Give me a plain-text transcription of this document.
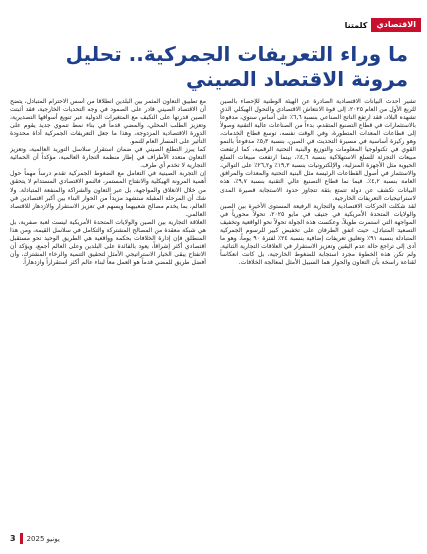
الاقتصادي
كلمتنا
ما وراء التعريفات الجمركية.. تحليل مرونة الاقتصاد الصيني

تشير أحدث البيانات الاقتصادية الصادرة عن الهيئة الوطنية للإحصاء بالصين للربع الأول من العام ٢٠٢٥، إلى قوة الانتعاش الاقتصادي والتحول الهيكلي الذي تشهده البلاد، فقد ارتفع الناتج الصناعي بنسبة ٦,٦٪ على أساس سنوي، مدفوعاً بالاستثمارات في قطاع التصنيع المتقدم، بدءاً من الصناعات عالية التقنية وصولاً إلى قطاعات المعدات المتطورة، وفي الوقت نفسه، توسع قطاع الخدمات، وهو ركيزة أساسية في مسيرة التحديث في الصين، بنسبة ٥٫٣٪ مدفوعاً بالنمو القوي في تكنولوجيا المعلومات والتوزيع والبنية التحتية الرقمية، كما ارتفعت مبيعات التجزئة للسلع الاستهلاكية بنسبة ٤,٦٪، بينما ارتفعت مبيعات السلع الحيوية مثل الأجهزة المنزلية، والإلكترونيات بنسبة ١٩,٣٪ و٢٦,٢٪ على التوالي، والاستثمار في أصول القطاعات الرئيسة مثل البنية التحتية والمعدات والمرافق العامة بنسبة ٤,٢٪. فيما نما قطاع التصنيع عالي التقنية بنسبة ٩,٧٪، هذه البيانات تكشف عن دولة تتمتع بثقة تتجاوز حدود الاستجابة قصيرة المدى لاستراتيجيات التعريفات الخارجية.

لقد شكلت الحركات الاقتصادية والتجارية الرفيعة المستوى الأخيرة بين الصين والولايات المتحدة الأمريكية في جنيف في مايو ٢٠٢٥، تحولاً محورياً في المواجهة التي استمرت طويلاً، وعكست هذه الجولة تحولاً نحو الواقعية وتخفيف التصعيد المتبادل، حيث اتفق الطرفان على تخفيض كبير للرسوم الجمركية المتبادلة بنسبة ٩١٪ وتعليق تعريفات إضافية بنسبة ٢٤٪ لفترة ٩٠ يوماً، وهو ما أدى إلى تراجع حالة عدم اليقين وتعزيز الاستقرار في العلاقات التجارية الثنائية. ولم تكن هذه الخطوة مجرد استجابة للضغوط الخارجية، بل كانت انعكاساً لقناعة راسخة بأن التعاون والحوار هما السبيل الأمثل لمعالجة الخلافات.

مع تطبيق التعاون المثمر بين البلدين انطلاقاً من أسس الاحترام المتبادل، يتضح أن الاقتصاد الصيني قادر على الصمود في وجه التحديات الخارجية، فقد أثبتت الصين قدرتها على التكيف مع المتغيرات الدولية عبر تنويع أسواقها التصديرية، وتعزيز الطلب المحلي، والمضي قدماً في بناء نمط تنموي جديد يقوم على الدورة الاقتصادية المزدوجة، وهذا ما جعل التعريفات الجمركية أداة محدودة التأثير على المسار العام للنمو.

كما يبرز التطلع الصيني في ضمان استقرار سلاسل التوريد العالمية، وتعزيز التعاون متعدد الأطراف في إطار منظمة التجارة العالمية، مؤكداً أن الحمائية التجارية لا تخدم أي طرف.

إن التجربة الصينية في التعامل مع الضغوط الجمركية تقدم درساً مهماً حول أهمية المرونة الهيكلية والانفتاح المستمر، فالنمو الاقتصادي المستدام لا يتحقق من خلال الانغلاق والمواجهة، بل عبر التعاون والشراكة والمنفعة المتبادلة. ولا شك أن المرحلة المقبلة ستشهد مزيداً من الحوار البناء بين أكبر اقتصادين في العالم، بما يخدم مصالح شعبيهما ويسهم في تعزيز الاستقرار والازدهار للاقتصاد العالمي.

العلاقة التجارية بين الصين والولايات المتحدة الأمريكية ليست لعبة صفرية، بل هي شبكة معقدة من المصالح المشتركة والتكامل في سلاسل القيمة، ومن هذا المنطلق فإن إدارة الخلافات بحكمة وواقعية هي الطريق الوحيد نحو مستقبل اقتصادي أكثر إشراقاً، يعود بالفائدة على البلدين وعلى العالم أجمع، ويؤكد أن الانفتاح يبقى الخيار الاستراتيجي الأمثل لتحقيق التنمية والرخاء المشترك، وأن أفضل طريق للمضي قدماً هو العمل معاً لبناء عالم أكثر استقراراً وازدهاراً.

3 يونيو 2025
